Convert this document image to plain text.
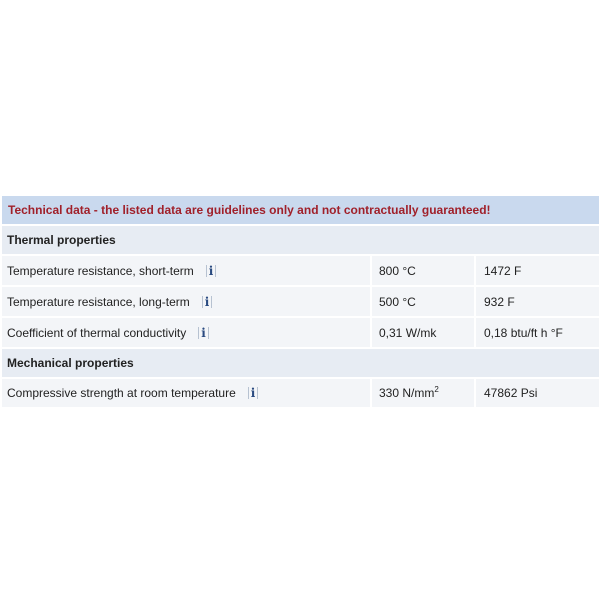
Technical data - the listed data are guidelines only and not contractually guaranteed!
Thermal properties
Temperature resistance, short-term i	800 °C	1472 F
Temperature resistance, long-term i	500 °C	932 F
Coefficient of thermal conductivity i	0,31 W/mk	0,18 btu/ft h °F
Mechanical properties
Compressive strength at room temperature i	330 $N/mm^2$	47862 Psi
